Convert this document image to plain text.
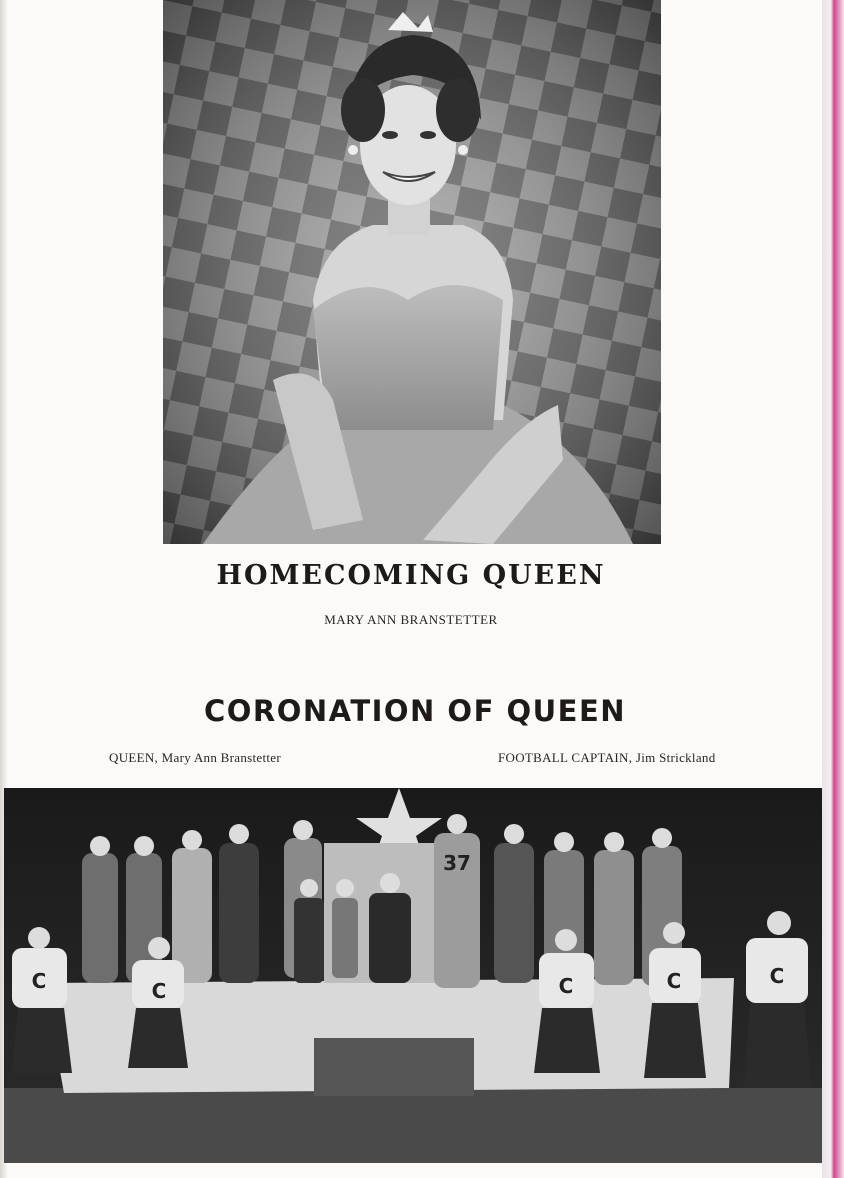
HOMECOMING QUEEN
MARY ANN BRANSTETTER
CORONATION OF QUEEN
QUEEN, Mary Ann Branstetter	FOOTBALL CAPTAIN, Jim Strickland
37
C	C	C	C	C
